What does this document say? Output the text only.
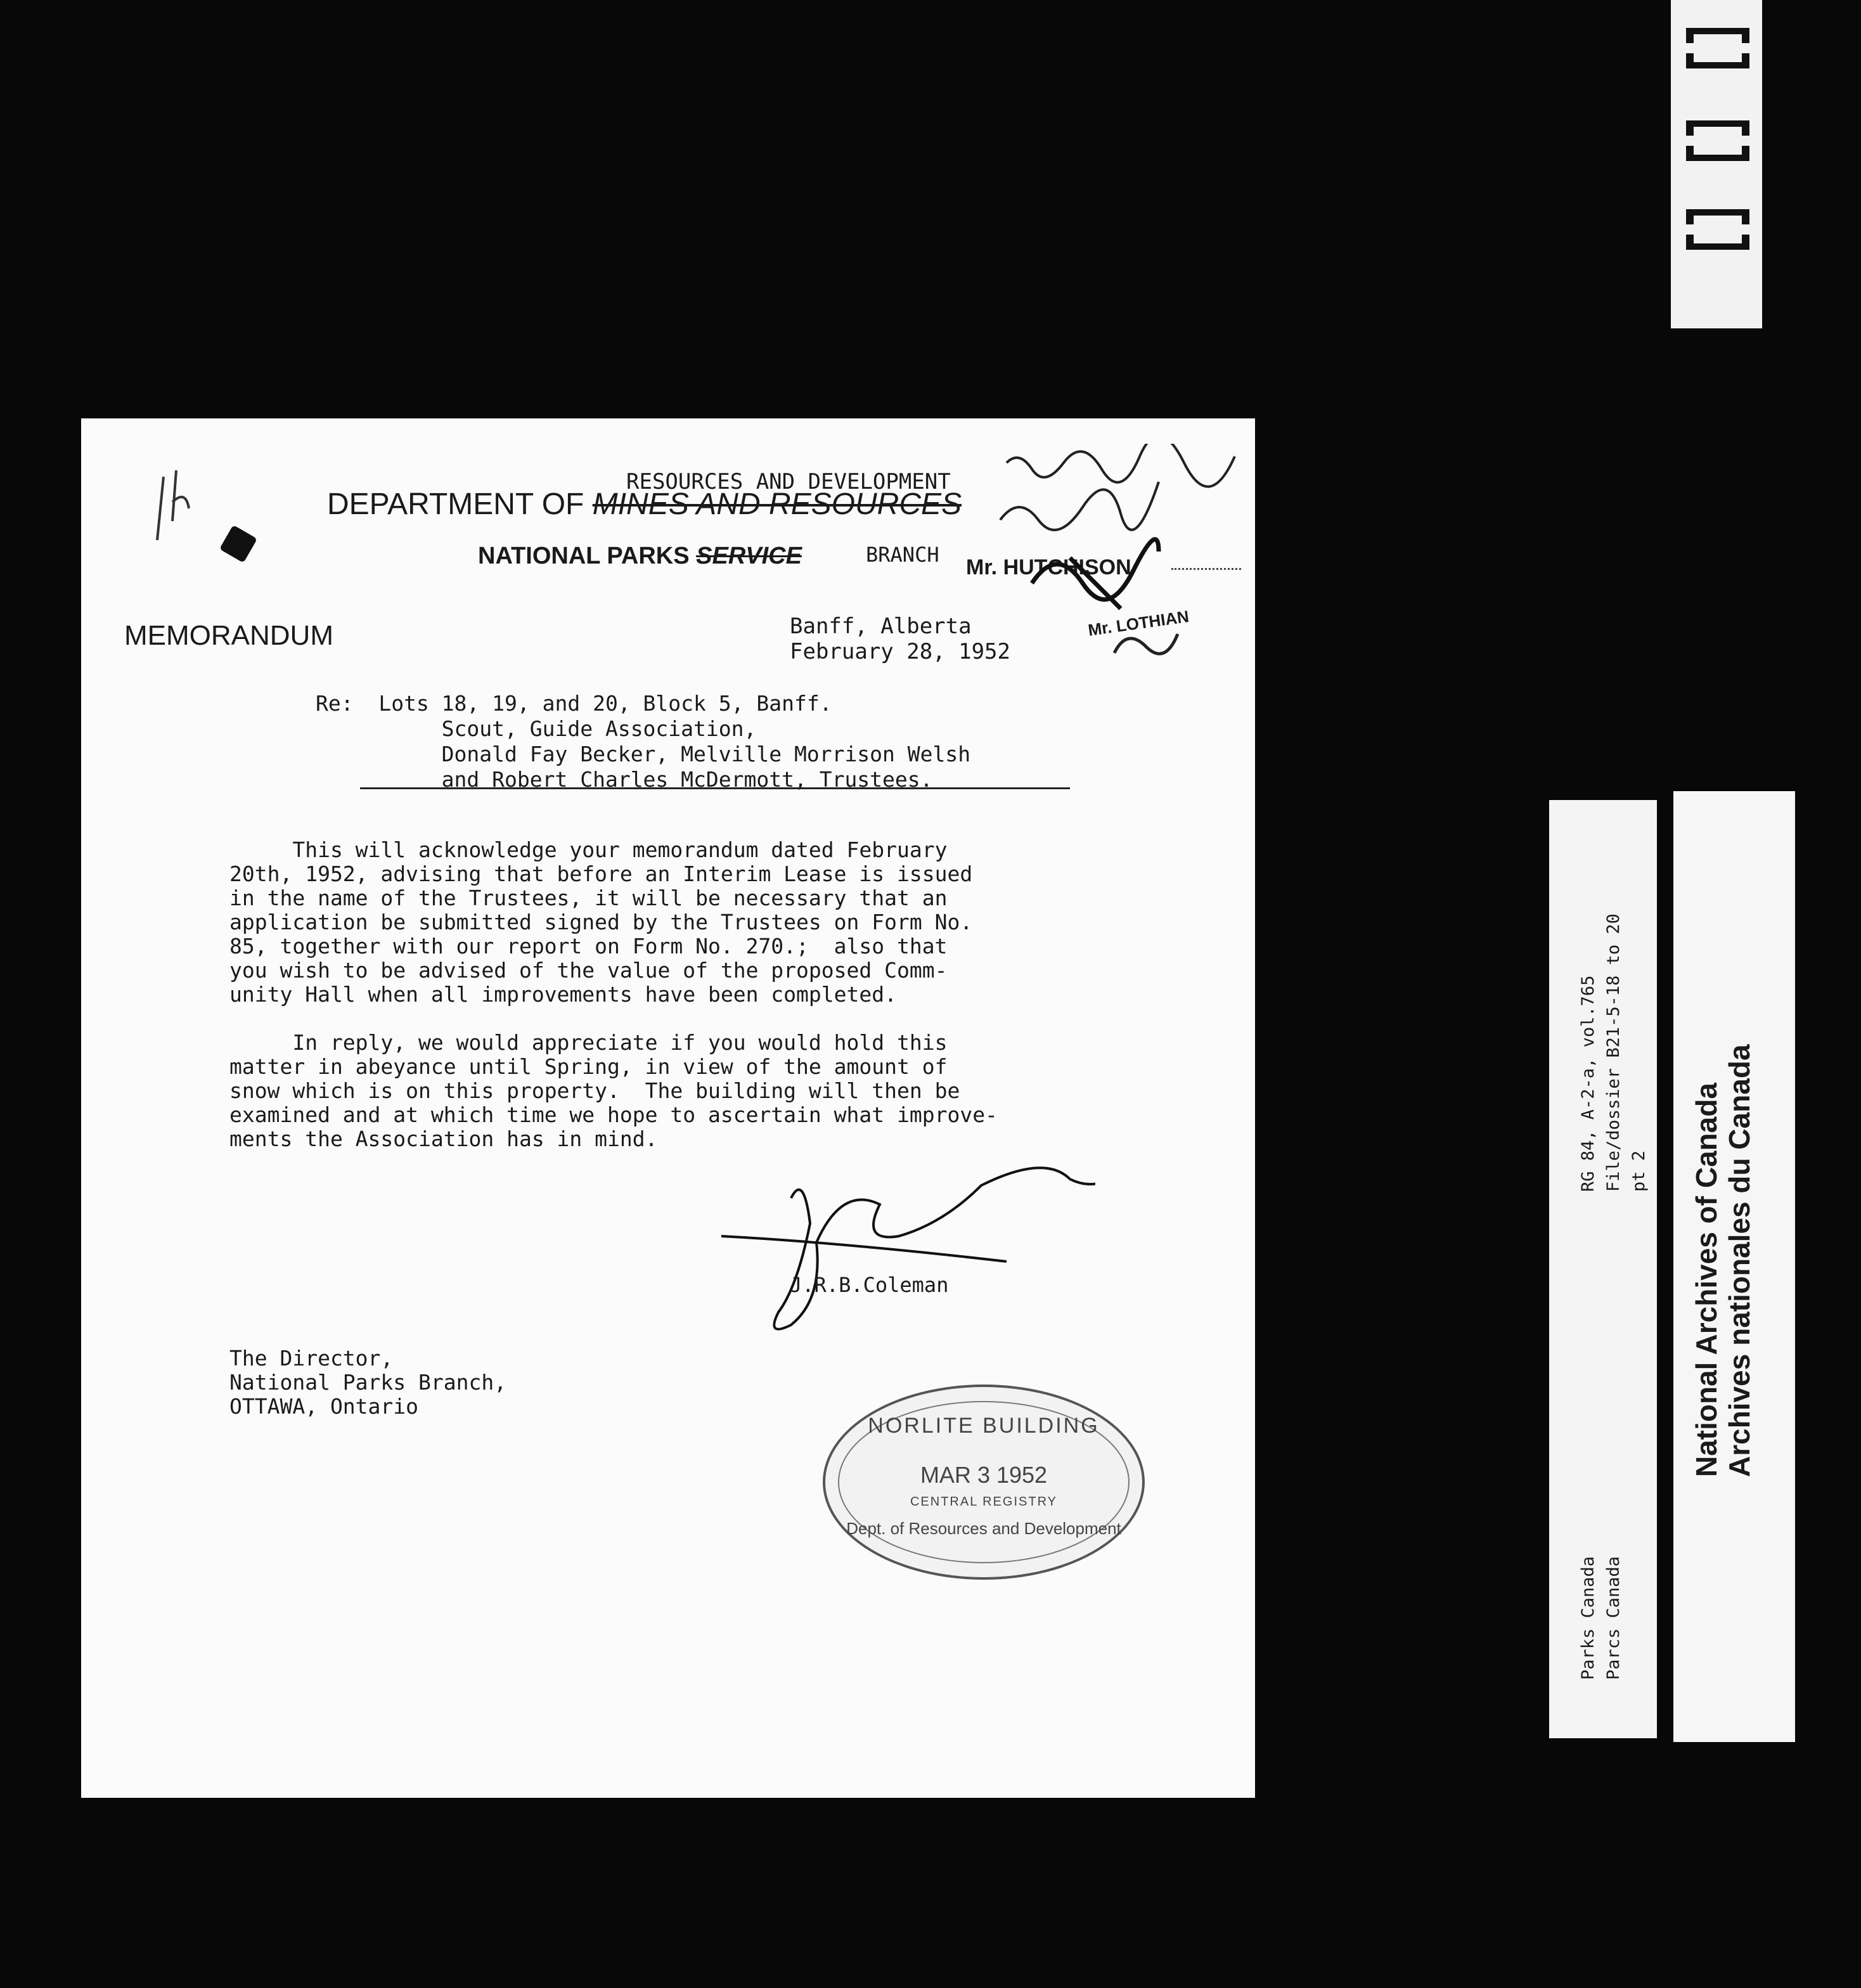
RESOURCES AND DEVELOPMENT
DEPARTMENT OF MINES AND RESOURCES
NATIONAL PARKS SERVICE	BRANCH
Mr. HUTCHISON
MEMORANDUM	Banff, Alberta
February 28, 1952
Mr. LOTHIAN
Re:  Lots 18, 19, and 20, Block 5, Banff.
Scout, Guide Association,
Donald Fay Becker, Melville Morrison Welsh
and Robert Charles McDermott, Trustees.
This will acknowledge your memorandum dated February
20th, 1952, advising that before an Interim Lease is issued
in the name of the Trustees, it will be necessary that an
application be submitted signed by the Trustees on Form No.
85, together with our report on Form No. 270.;  also that
you wish to be advised of the value of the proposed Comm-
unity Hall when all improvements have been completed.
In reply, we would appreciate if you would hold this
matter in abeyance until Spring, in view of the amount of
snow which is on this property.  The building will then be
examined and at which time we hope to ascertain what improve-
ments the Association has in mind.
J.R.B.Coleman
The Director,
National Parks Branch,
OTTAWA, Ontario
NORLITE BUILDING
MAR 3 1952
CENTRAL REGISTRY
Dept. of Resources and Development
RG 84, A-2-a, vol.765 File/dossier B21-5-18 to 20 pt 2
Parks Canada Parcs Canada
National Archives of Canada Archives nationales du Canada
